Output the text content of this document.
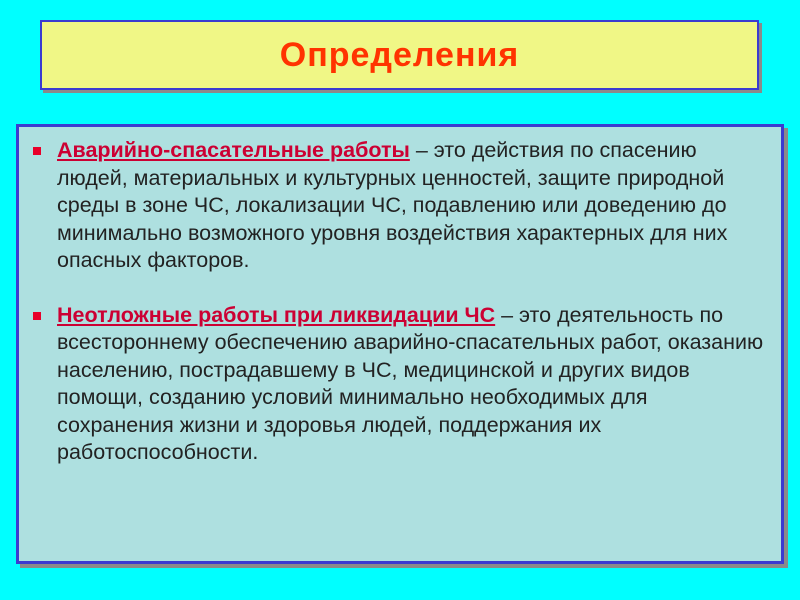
Определения
Аварийно-спасательные работы – это действия по спасению людей, материальных и культурных ценностей, защите природной среды в зоне ЧС, локализации ЧС, подавлению или доведению до минимально возможного уровня воздействия характерных для них опасных факторов.
Неотложные работы при ликвидации ЧС – это деятельность по всестороннему обеспечению аварийно-спасательных работ, оказанию населению, пострадавшему в ЧС, медицинской и других видов помощи, созданию условий минимально необходимых для сохранения жизни и здоровья людей, поддержания их работоспособности.
